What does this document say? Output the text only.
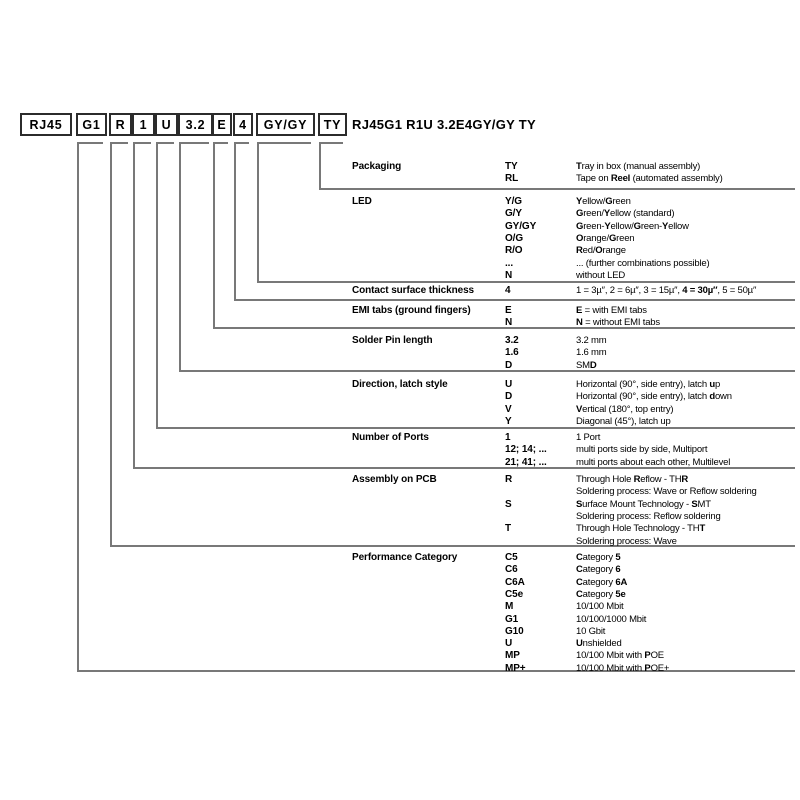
RJ45G1 R1U 3.2E4GY/GY TY
RJ45	G1	R	1	U	3.2 E	4	GY/GY	TY
Packaging	TY	Tray in box (manual assembly)
RL	Tape on Reel (automated assembly)
LED	Y/G	Yellow/Green
G/Y	Green/Yellow (standard)
GY/GY	Green-Yellow/Green-Yellow
O/G	Orange/Green
R/O	Red/Orange
...	... (further combinations possible)
N	without LED
Contact surface thickness	4	1 = 3µ″, 2 = 6µ″, 3 = 15µ″, 4 = 30µ″, 5 = 50µ″
EMI tabs (ground fingers)	E	E = with EMI tabs
N	N = without EMI tabs
Solder Pin length	3.2	3.2 mm
1.6	1.6 mm
D	SMD
Direction, latch style	U	Horizontal (90°, side entry), latch up
D	Horizontal (90°, side entry), latch down
V	Vertical (180°, top entry)
Y	Diagonal (45°), latch up
Number of Ports	1	1 Port
12; 14; ...	multi ports side by side, Multiport
21; 41; ...	multi ports about each other, Multilevel
Assembly on PCB	R	Through Hole Reflow - THR
Soldering process: Wave or Reflow soldering
S	Surface Mount Technology - SMT
Soldering process: Reflow soldering
T	Through Hole Technology - THT
Soldering process: Wave
Performance Category	C5	Category 5
C6	Category 6
C6A	Category 6A
C5e	Category 5e
M	10/100 Mbit
G1	10/100/1000 Mbit
G10	10 Gbit
U	Unshielded
MP	10/100 Mbit with POE
MP+	10/100 Mbit with POE+
